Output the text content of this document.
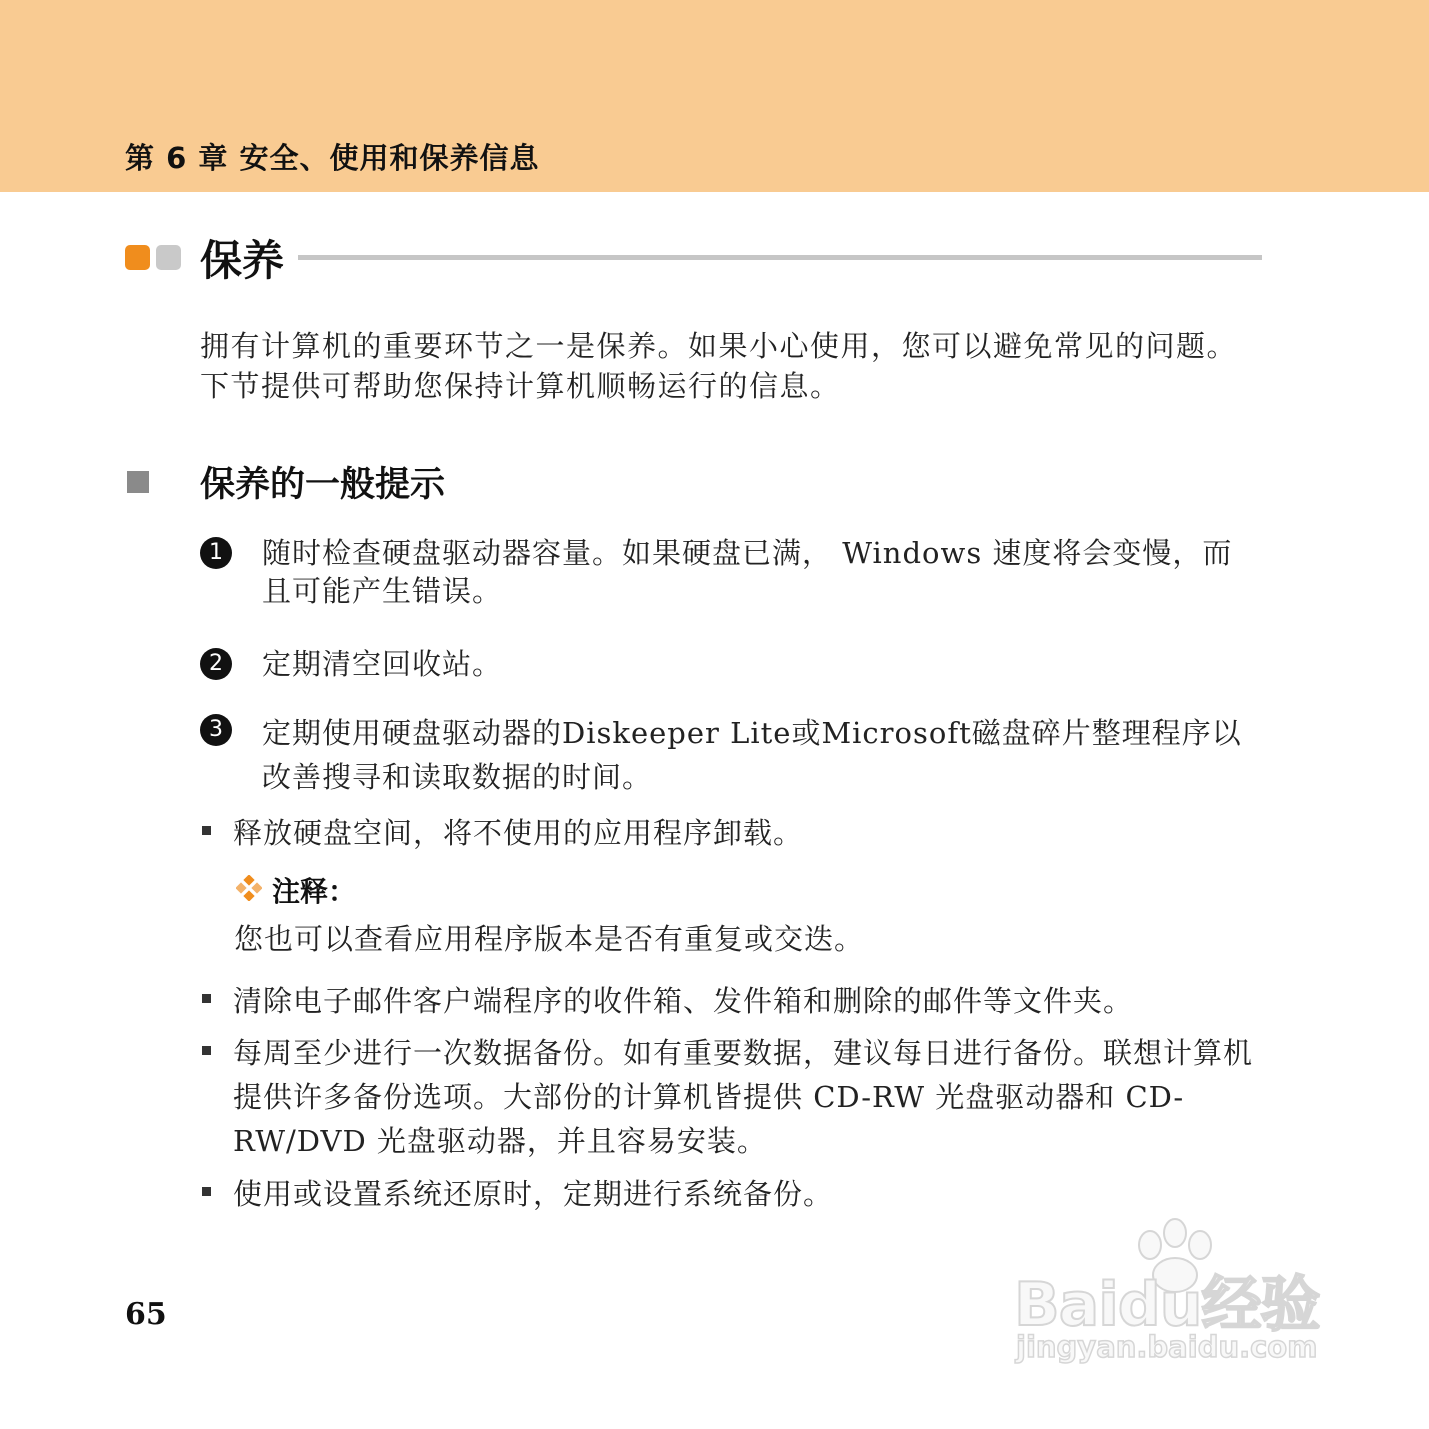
第 6 章 安全、使用和保养信息
保养
拥有计算机的重要环节之一是保养。如果小心使用，您可以避免常见的问题。下节提供可帮助您保持计算机顺畅运行的信息。
保养的一般提示
1	随时检查硬盘驱动器容量。如果硬盘已满， Windows 速度将会变慢，而且可能产生错误。
2	定期清空回收站。
3	定期使用硬盘驱动器的Diskeeper Lite或Microsoft磁盘碎片整理程序以改善搜寻和读取数据的时间。
释放硬盘空间，将不使用的应用程序卸载。
注释：
您也可以查看应用程序版本是否有重复或交迭。
清除电子邮件客户端程序的收件箱、发件箱和删除的邮件等文件夹。
每周至少进行一次数据备份。如有重要数据，建议每日进行备份。联想计算机提供许多备份选项。大部份的计算机皆提供 CD-RW 光盘驱动器和 CD-RW/DVD 光盘驱动器，并且容易安装。
使用或设置系统还原时，定期进行系统备份。
65	Baidu经验
jingyan.baidu.com
